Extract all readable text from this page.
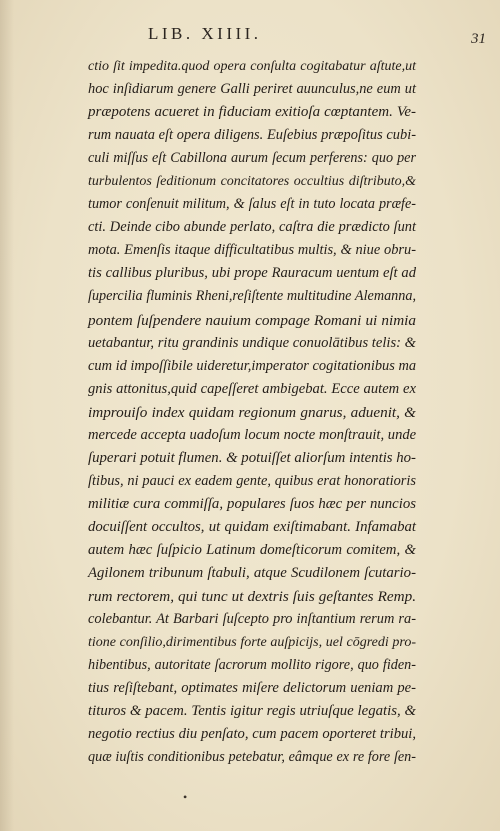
LIB. XIIII.	31
ctio ſit impedita.quod opera conſulta cogitabatur aſtute,ut
hoc inſidiarum genere Galli periret auunculus,ne eum ut
præpotens acueret in fiduciam exitioſa cœptantem. Ve-
rum nauata eſt opera diligens. Euſebius præpoſitus cubi-
culi miſſus eſt Cabillona aurum ſecum perferens: quo per
turbulentos ſeditionum concitatores occultius diſtributo,&
tumor conſenuit militum, & ſalus eſt in tuto locata præfe-
cti. Deinde cibo abunde perlato, caſtra die prædicto ſunt
mota. Emenſis itaque difficultatibus multis, & niue obru-
tis callibus pluribus, ubi prope Rauracum uentum eſt ad
ſupercilia fluminis Rheni,reſiſtente multitudine Alemanna,
pontem ſuſpendere nauium compage Romani ui nimia
uetabantur, ritu grandinis undique conuolātibus telis: &
cum id impoſſibile uideretur,imperator cogitationibus ma
gnis attonitus,quid capeſſeret ambigebat. Ecce autem ex
improuiſo index quidam regionum gnarus, aduenit, &
mercede accepta uadoſum locum nocte monſtrauit, unde
ſuperari potuit flumen. & potuiſſet aliorſum intentis ho-
ſtibus, ni pauci ex eadem gente, quibus erat honoratioris
militiæ cura commiſſa, populares ſuos hæc per nuncios
docuiſſent occultos, ut quidam exiſtimabant. Infamabat
autem hæc ſuſpicio Latinum domeſticorum comitem, &
Agilonem tribunum ſtabuli, atque Scudilonem ſcutario-
rum rectorem, qui tunc ut dextris ſuis geſtantes Remp.
colebantur. At Barbari ſuſcepto pro inſtantium rerum ra-
tione conſilio,dirimentibus forte auſpicijs, uel cōgredi pro-
hibentibus, autoritate ſacrorum mollito rigore, quo fiden-
tius reſiſtebant, optimates miſere delictorum ueniam pe-
tituros & pacem. Tentis igitur regis utriuſque legatis, &
negotio rectius diu penſato, cum pacem oporteret tribui,
quæ iuſtis conditionibus petebatur, eâmque ex re fore ſen-
•
